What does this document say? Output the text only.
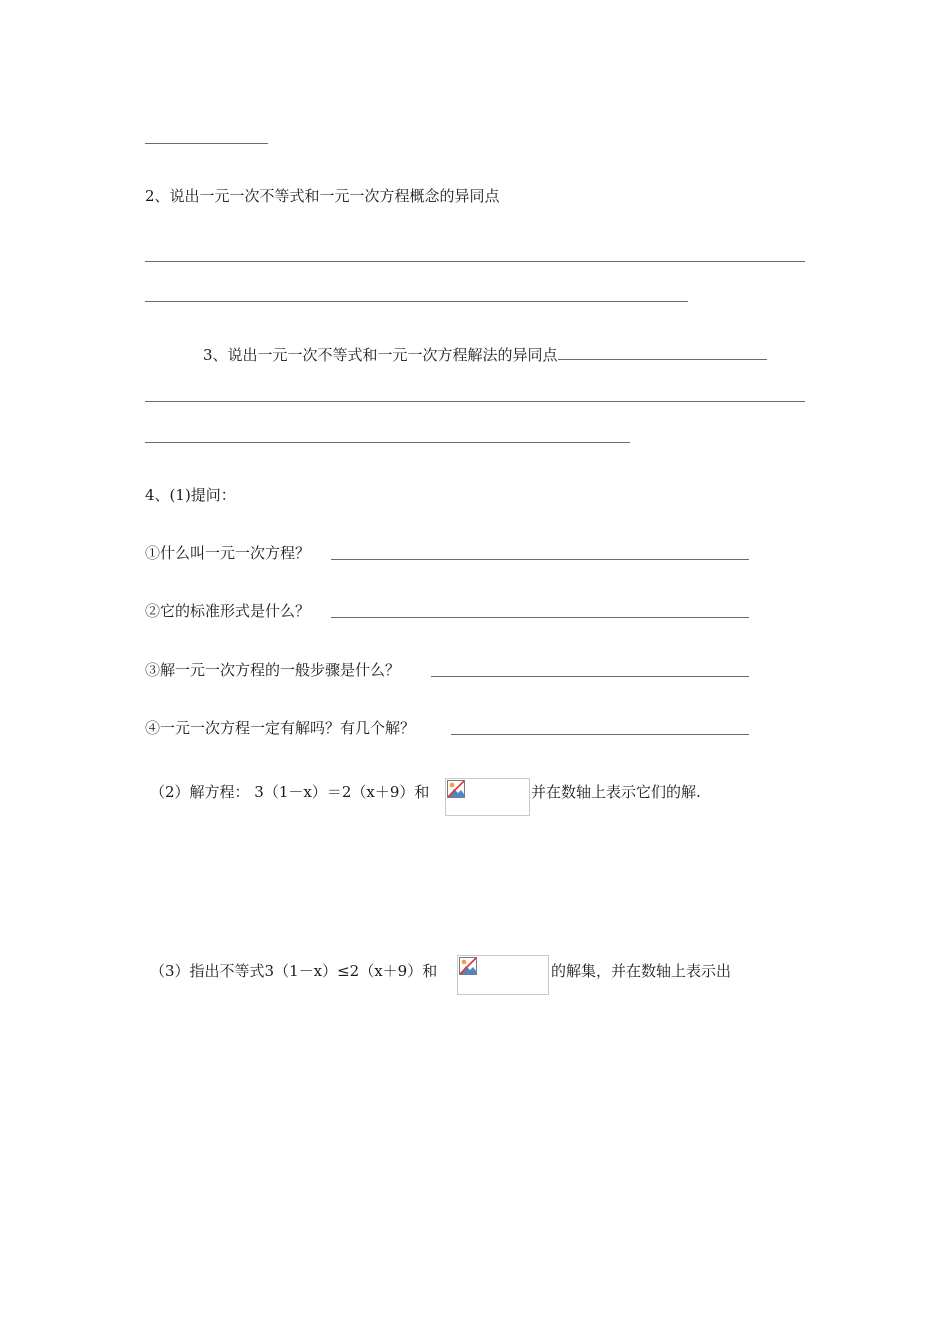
2、说出一元一次不等式和一元一次方程概念的异同点
3、说出一元一次不等式和一元一次方程解法的异同点
4、(1)提问：
①什么叫一元一次方程？
②它的标准形式是什么？
③解一元一次方程的一般步骤是什么？
④一元一次方程一定有解吗？有几个解？
（2）解方程： 3（1－x）＝2（x＋9）和	并在数轴上表示它们的解.
（3）指出不等式3（1－x）≤2（x＋9）和	的解集，并在数轴上表示出
